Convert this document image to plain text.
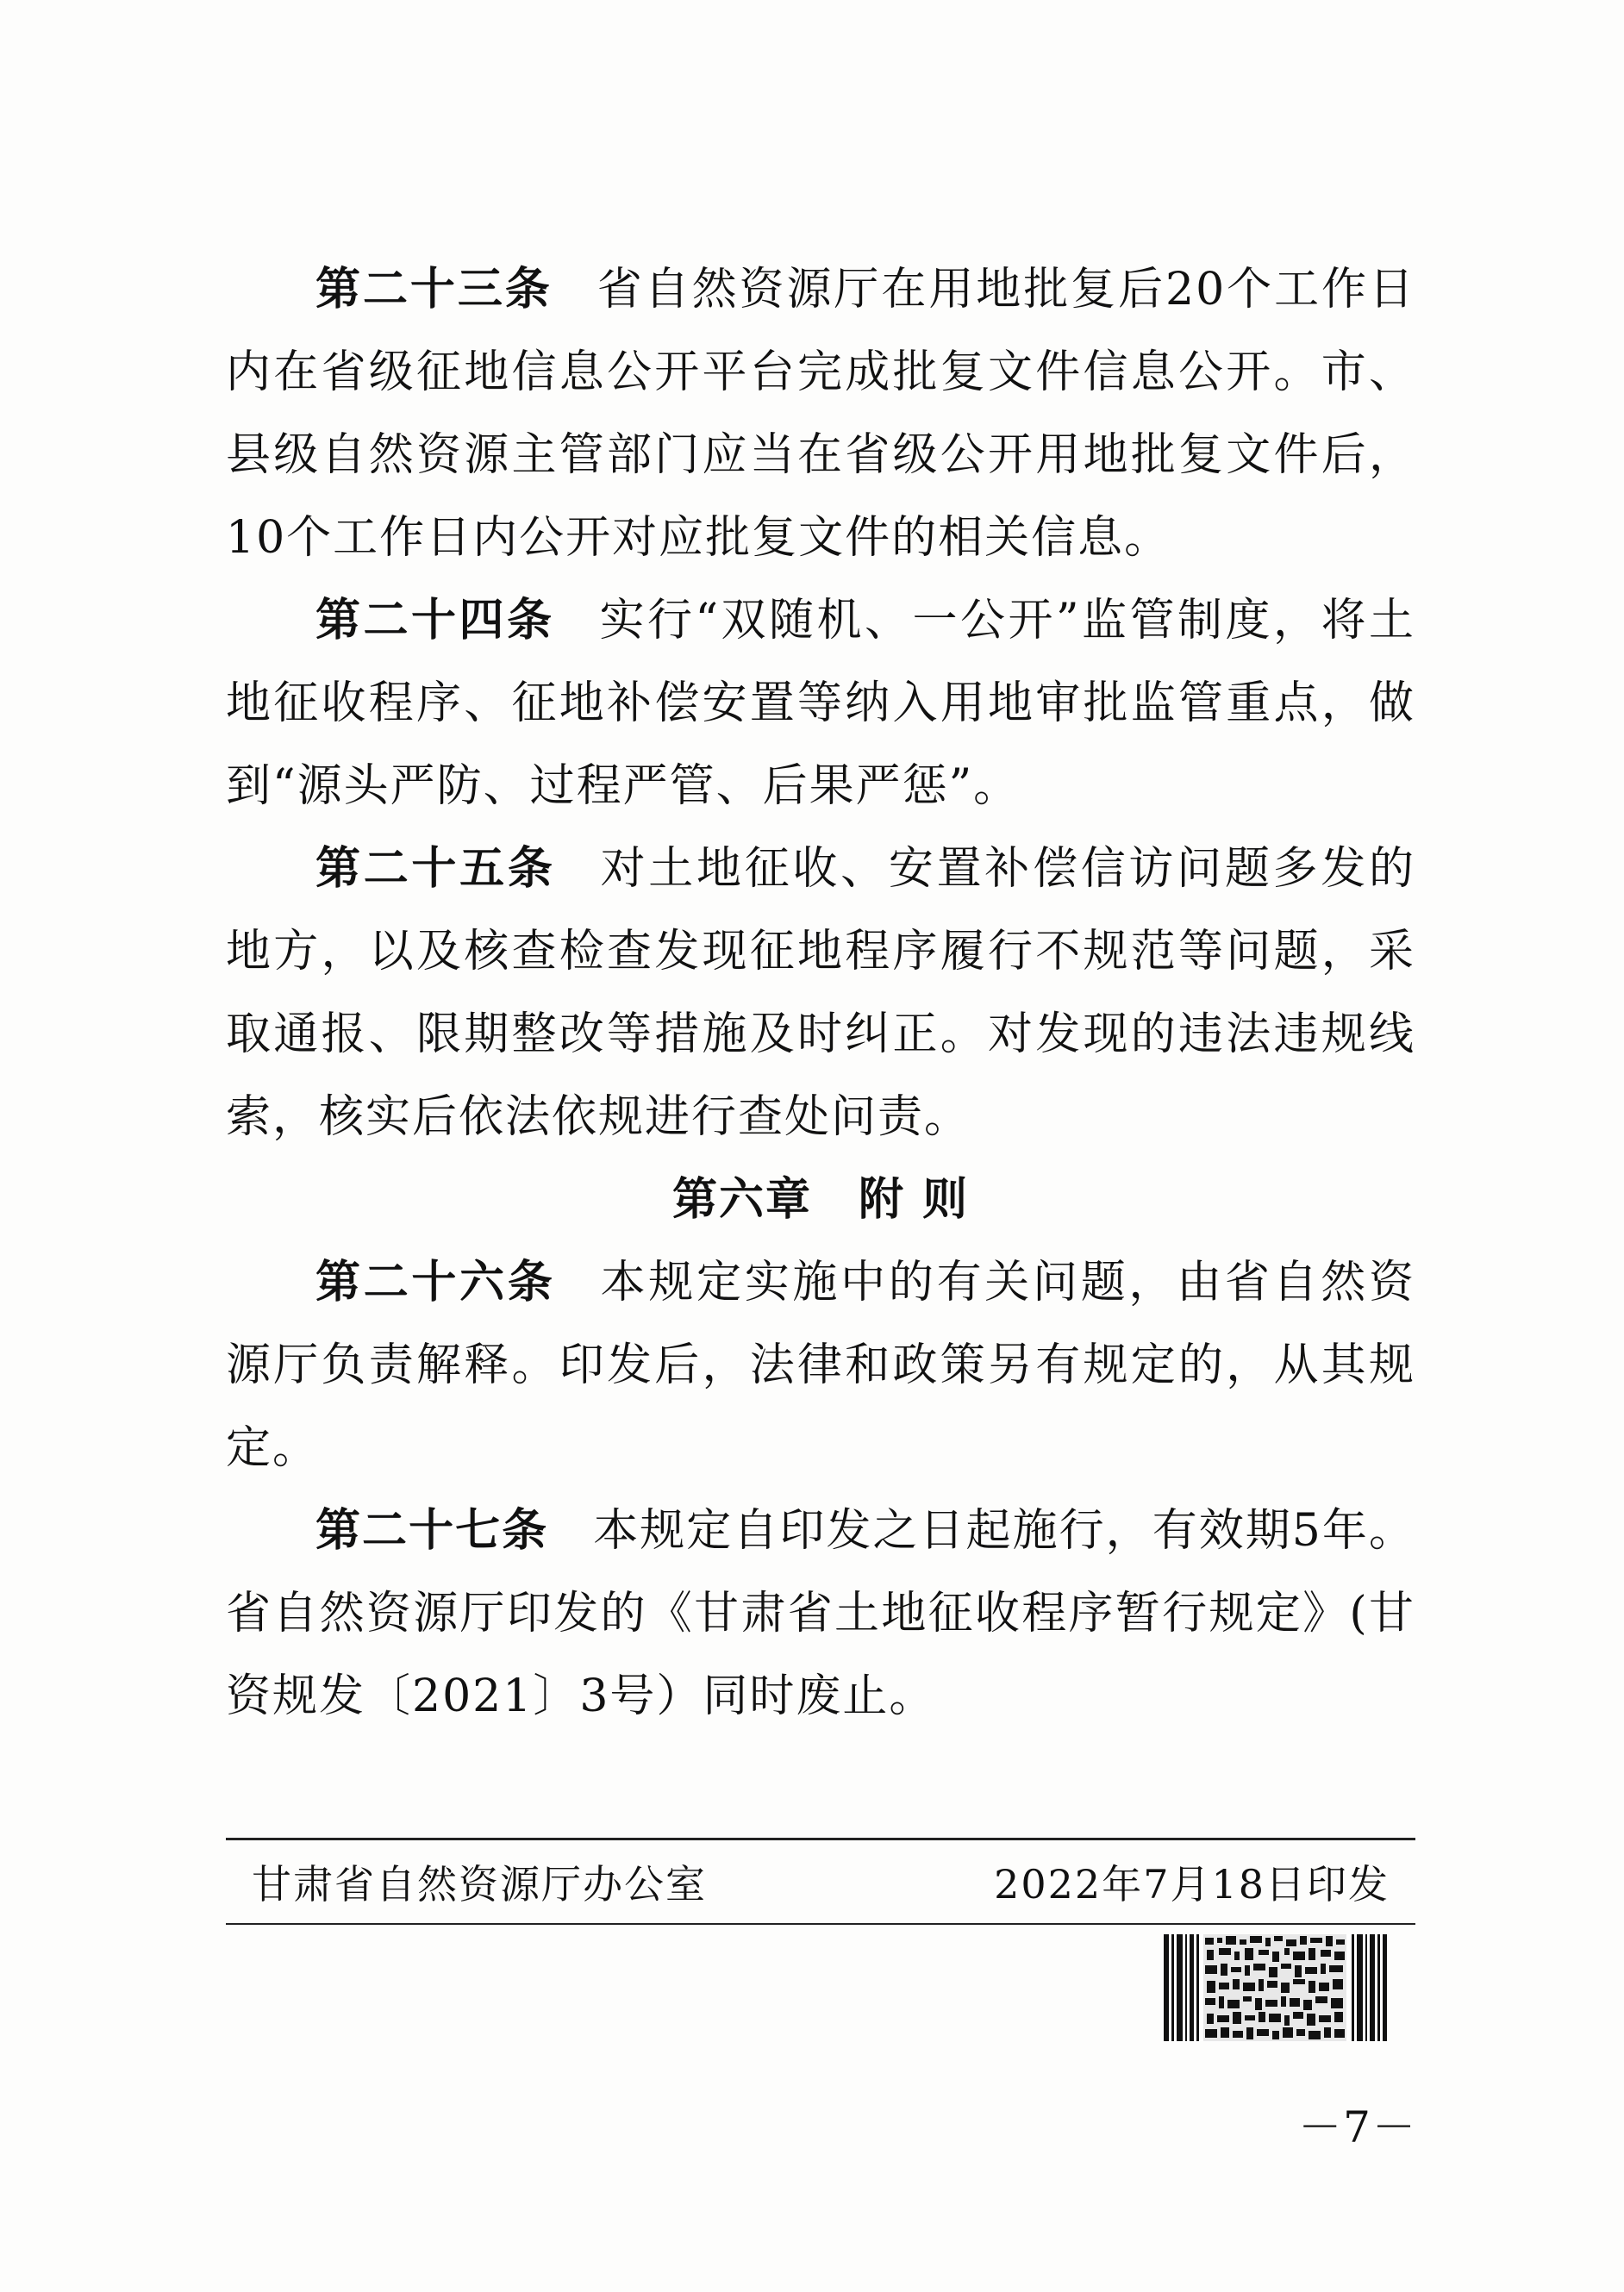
第二十三条 省自然资源厅在用地批复后20个工作日内在省级征地信息公开平台完成批复文件信息公开。市、县级自然资源主管部门应当在省级公开用地批复文件后，10个工作日内公开对应批复文件的相关信息。

第二十四条 实行“双随机、一公开”监管制度，将土地征收程序、征地补偿安置等纳入用地审批监管重点，做到“源头严防、过程严管、后果严惩”。

第二十五条 对土地征收、安置补偿信访问题多发的地方，以及核查检查发现征地程序履行不规范等问题，采取通报、限期整改等措施及时纠正。对发现的违法违规线索，核实后依法依规进行查处问责。

第六章　附 则

第二十六条 本规定实施中的有关问题，由省自然资源厅负责解释。印发后，法律和政策另有规定的，从其规定。

第二十七条 本规定自印发之日起施行，有效期5年。省自然资源厅印发的《甘肃省土地征收程序暂行规定》(甘资规发〔2021〕3号）同时废止。

甘肃省自然资源厅办公室	2022年7月18日印发
－7－
